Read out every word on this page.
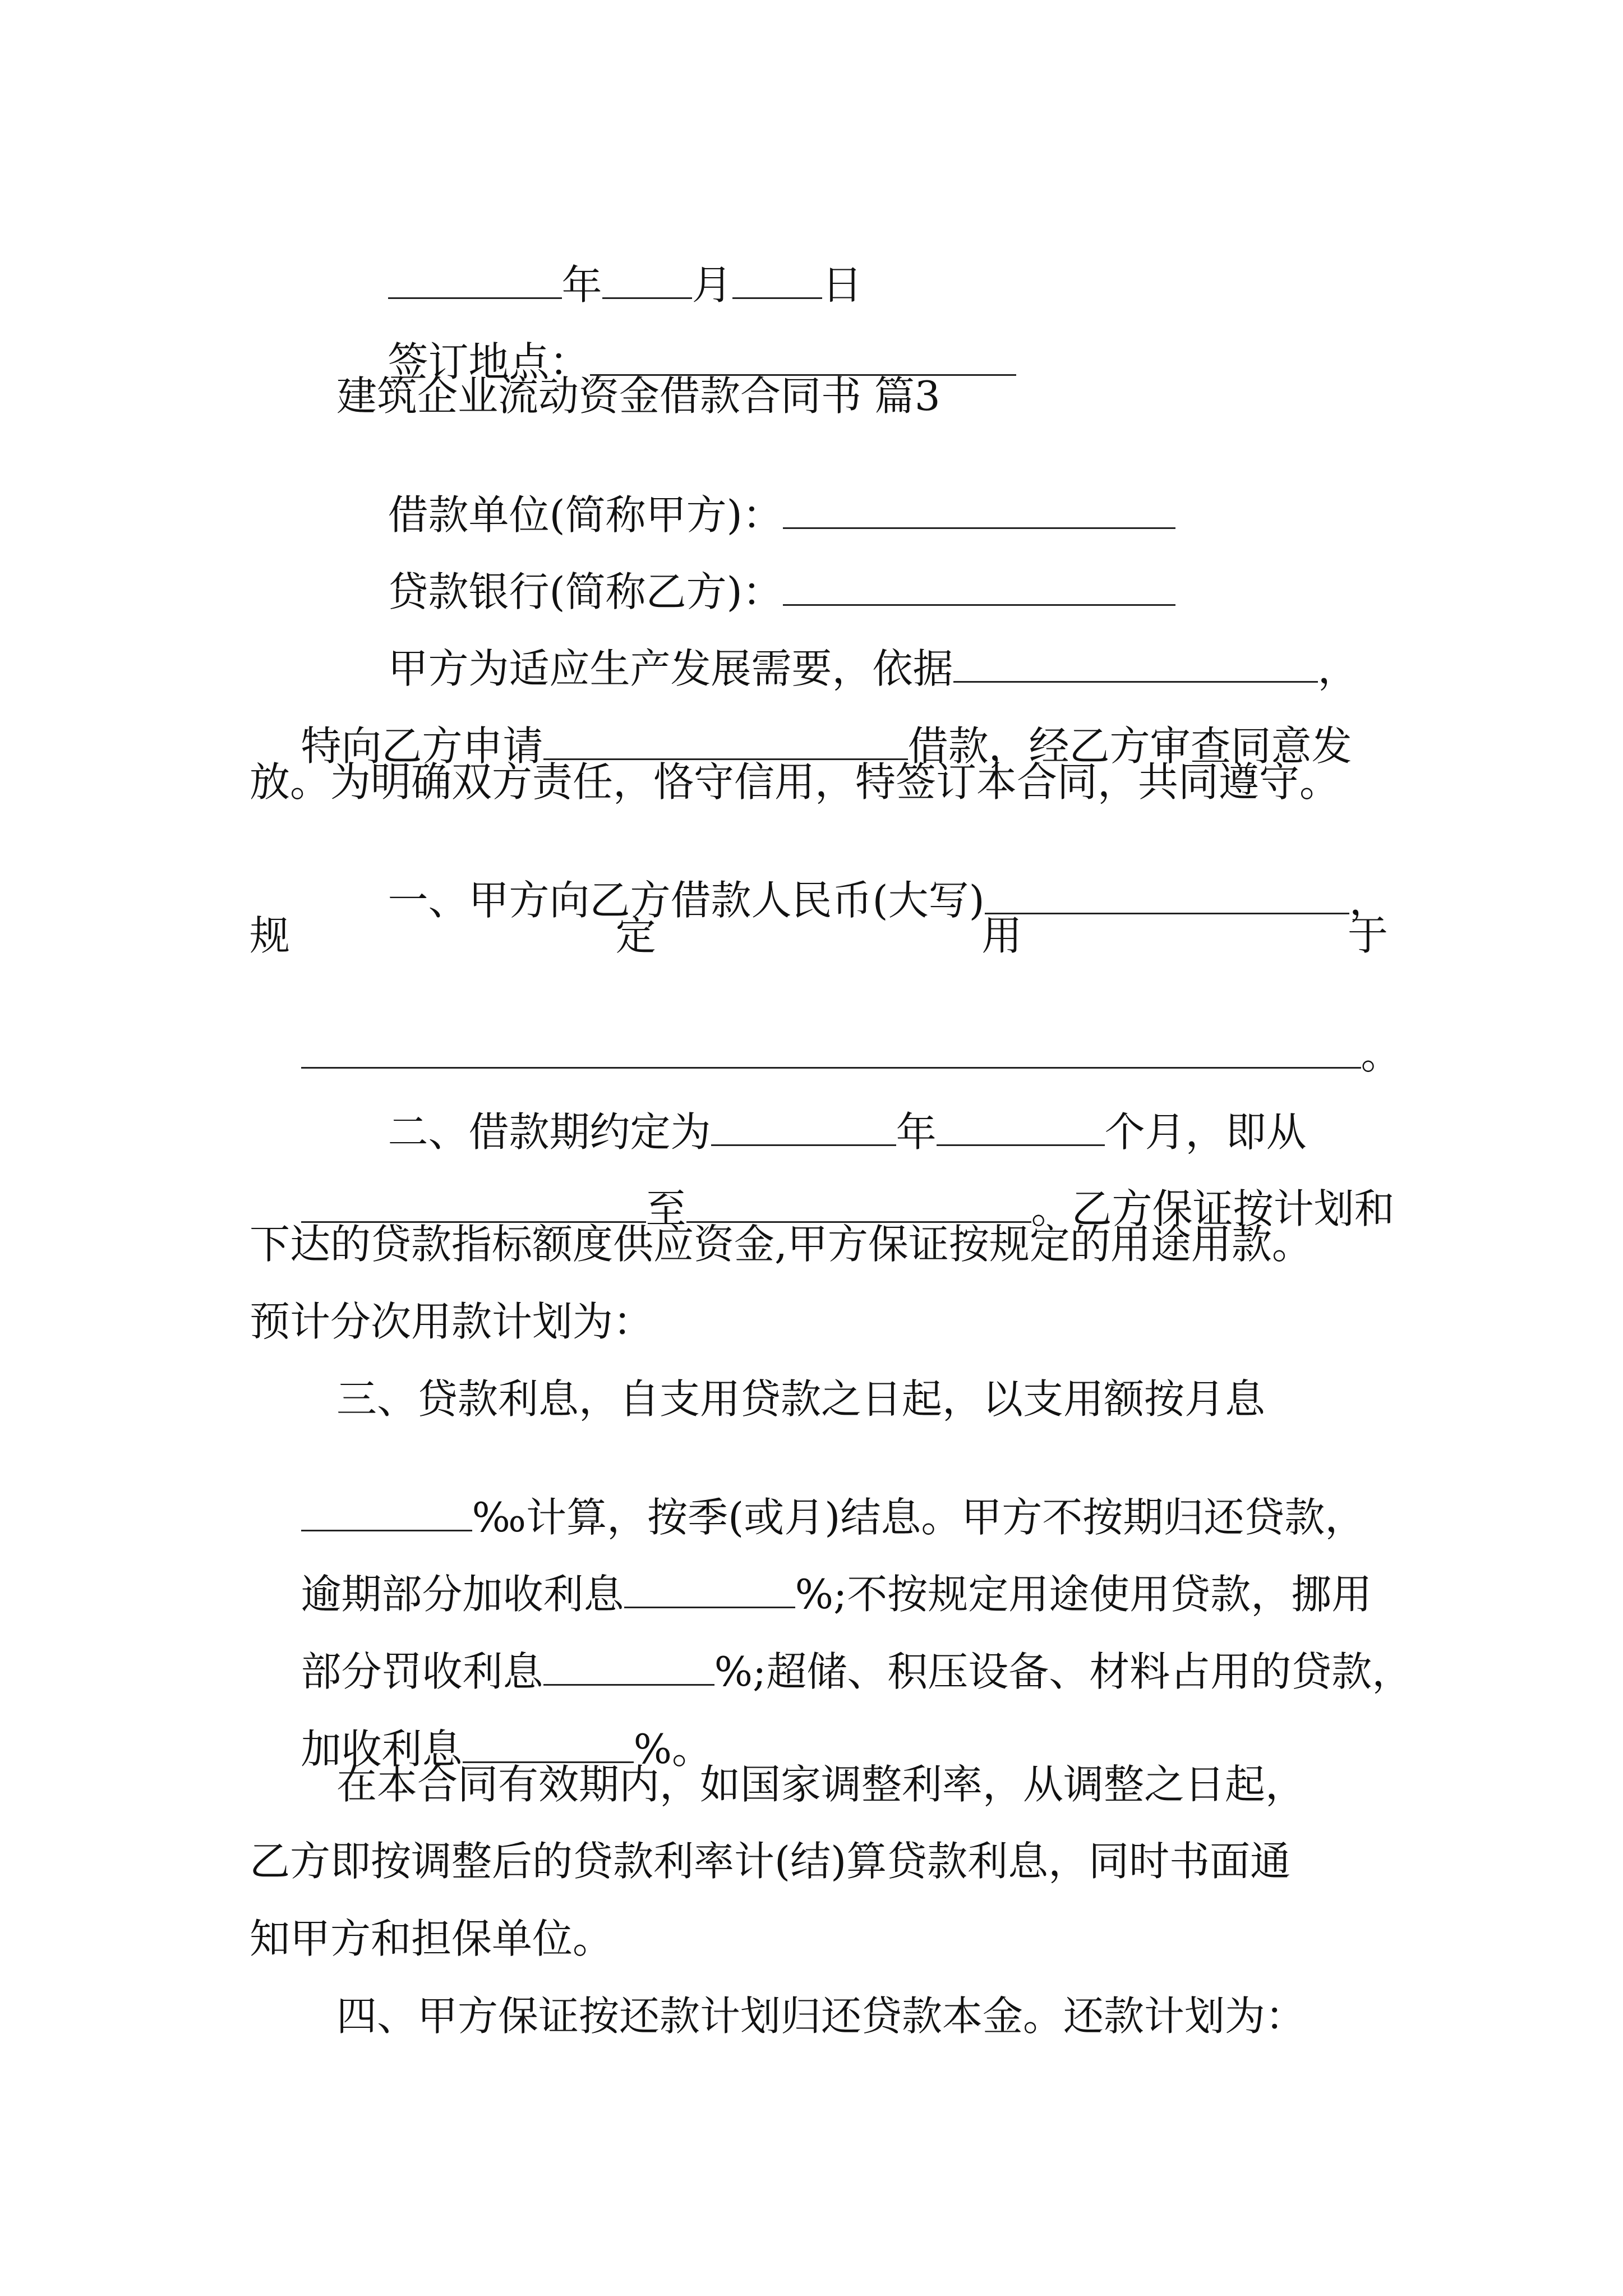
年 月 日

签订地点：

建筑企业流动资金借款合同书 篇3

借款单位(简称甲方)：

贷款银行(简称乙方)：

甲方为适应生产发展需要，依据	，

特向乙方申请	借款，经乙方审查同意发

放。为明确双方责任，恪守信用，特签订本合同，共同遵守。

一、甲方向乙方借款人民币(大写)	，

规	定	用	于

。

二、借款期约定为	年	个月，即从

至	。乙方保证按计划和

下达的贷款指标额度供应资金,甲方保证按规定的用途用款。
预计分次用款计划为：
三、贷款利息，自支用贷款之日起，以支用额按月息

‰计算，按季(或月)结息。甲方不按期归还贷款，

逾期部分加收利息	%;不按规定用途使用贷款，挪用

部分罚收利息	%;超储、积压设备、材料占用的贷款，

加收利息	%。

在本合同有效期内，如国家调整利率，从调整之日起，
乙方即按调整后的贷款利率计(结)算贷款利息，同时书面通
知甲方和担保单位。
四、甲方保证按还款计划归还贷款本金。还款计划为：
